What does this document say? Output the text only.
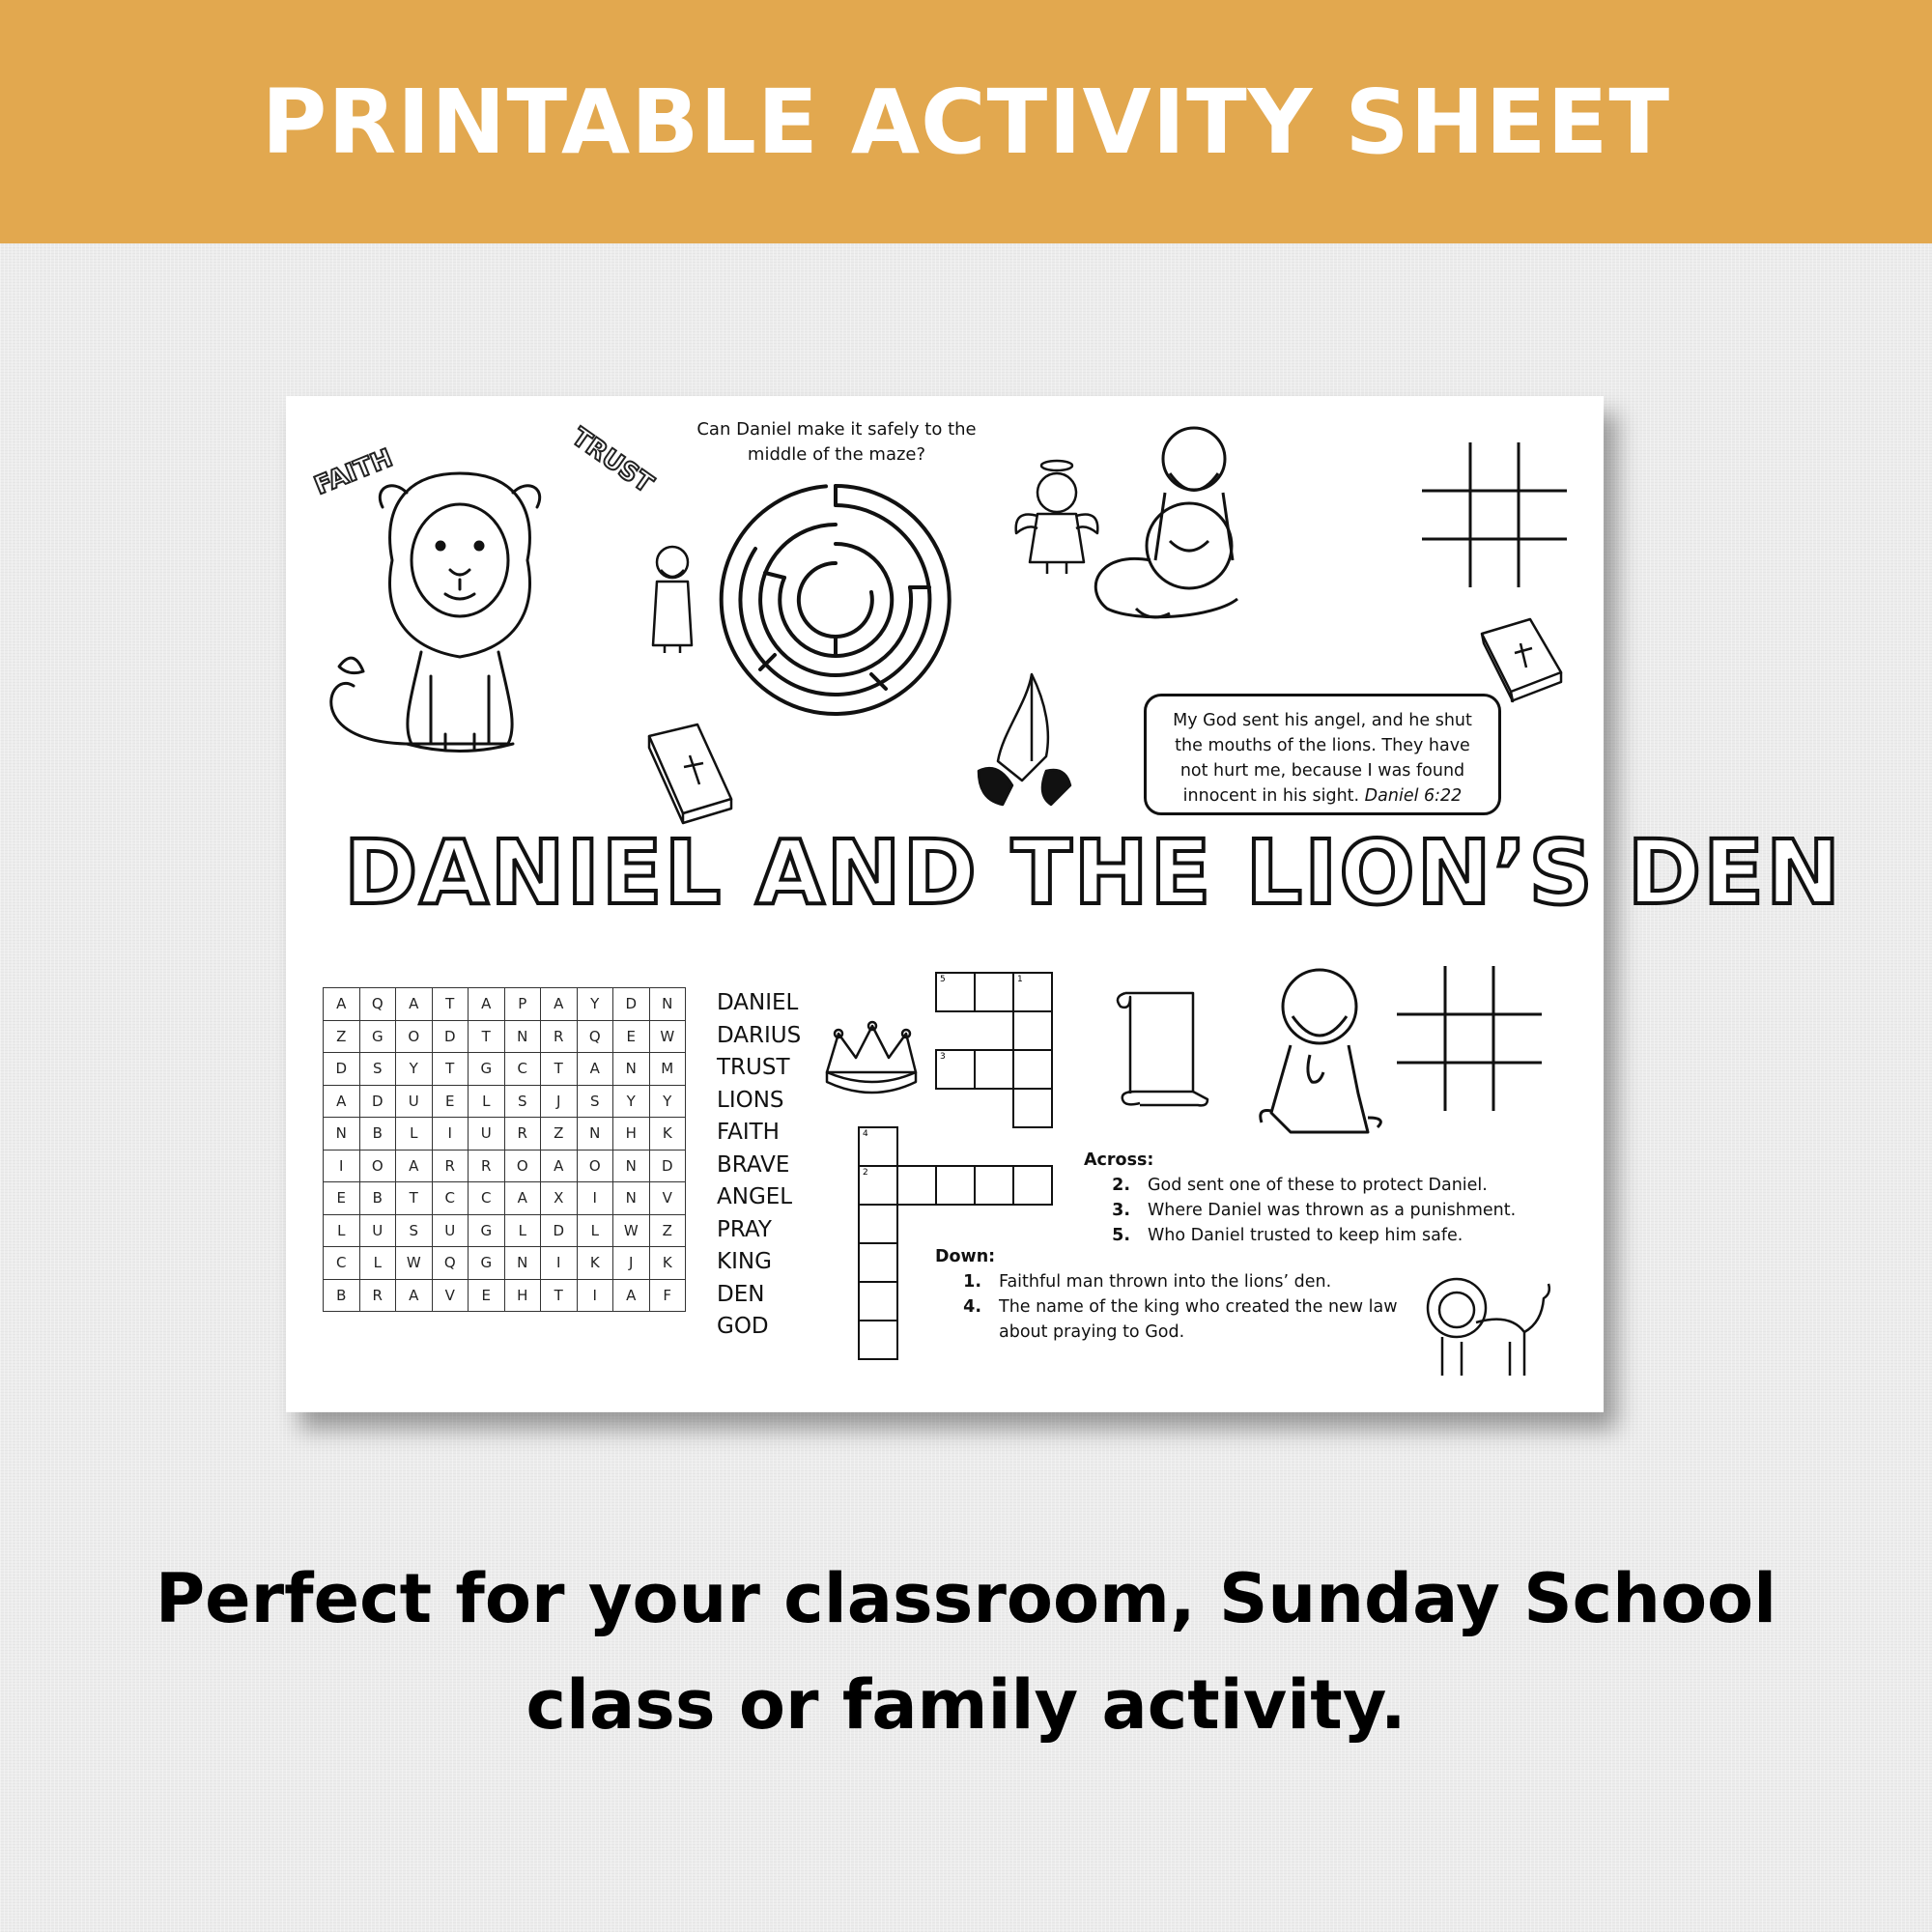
PRINTABLE ACTIVITY SHEET
FAITH	TRUST	Can Daniel make it safely to the middle of the maze?
My God sent his angel, and he shut the mouths of the lions. They have not hurt me, because I was found innocent in his sight. Daniel 6:22
DANIEL AND THE LION’S DEN
A	Q	A	T	A	P	A	Y	D	N
Z	G	O	D	T	N	R	Q	E	W
D	S	Y	T	G	C	T	A	N	M
A	D	U	E	L	S	J	S	Y	Y
N	B	L	I	U	R	Z	N	H	K
I	O	A	R	R	O	A	O	N	D
E	B	T	C	C	A	X	I	N	V
L	U	S	U	G	L	D	L	W	Z
C	L	W	Q	G	N	I	K	J	K
B	R	A	V	E	H	T	I	A	F
DANIEL
DARIUS
TRUST
LIONS
FAITH
BRAVE
ANGEL
PRAY
KING
DEN
GOD
5	1
3
4
2
Across:
2.	God sent one of these to protect Daniel.
3.	Where Daniel was thrown as a punishment.
5.	Who Daniel trusted to keep him safe.
Down:
1.	Faithful man thrown into the lions’ den.
4.	The name of the king who created the new law about praying to God.
Perfect for your classroom, Sunday School
class or family activity.
